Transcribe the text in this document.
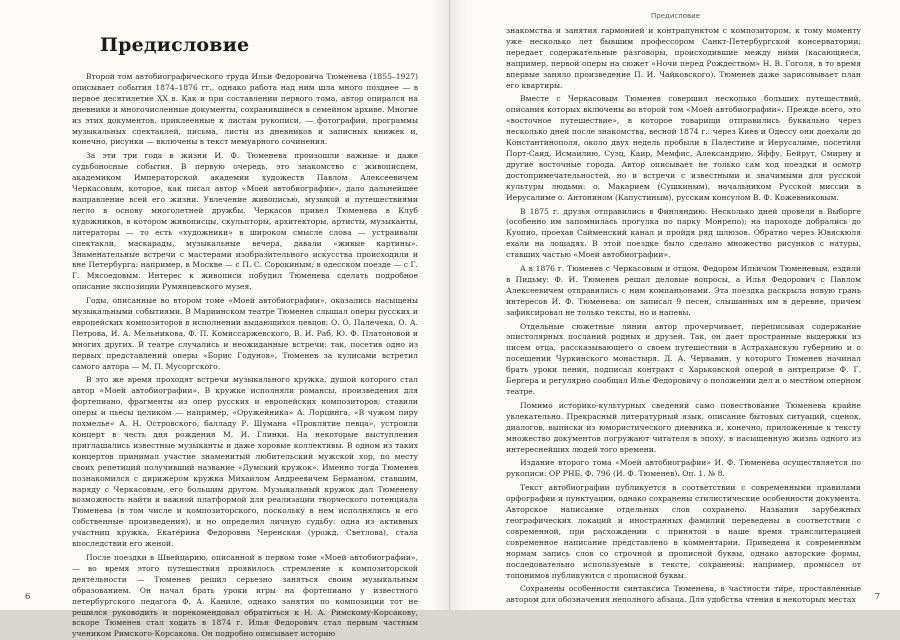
Предисловие

Второй том автобиографического труда Ильи Федоровича Тюменева (1855–1927) описывает события 1874–1876 гг., однако работа над ним шла много позднее — в первое десятилетие XX в. Как и при составлении первого тома, автор опирался на дневники и многочисленные документы, сохранившиеся в семейном архиве. Многие из этих документов, приклеенные к листам рукописи, — фотографии, программы музыкальных спектаклей, письма, листы из дневников и записных книжек и, конечно, рисунки — включены в текст мемуарного сочинения.

За эти три года в жизни И. Ф. Тюменева произошли важные и даже судьбоносные события. В первую очередь, это знакомство с живописцем, академиком Императорской академии художеств Павлом Алексеевичем Черкасовым, которое, как писал автор «Моей автобиографии», дало дальнейшее направление всей его жизни. Увлечение живописью, музыкой и путешествиями легло в основу многолетней дружбы. Черкасов привел Тюменева в Клуб художников, в котором живописцы, скульпторы, архитекторы, артисты, музыканты, литераторы — то есть «художники» в широком смысле слова — устраивали спектакли, маскарады, музыкальные вечера, давали «живые картины». Знаменательные встречи с мастерами изобразительного искусства происходили и вне Петербурга: например, в Москве — с П. С. Сорокиным; в одесском поезде — с Г. Г. Мясоедовым. Интерес к живописи побудил Тюменева сделать подробное описание экспозиции Румянцевского музея.

Годы, описанные во втором томе «Моей автобиографии», оказались насыщены музыкальными событиями. В Мариинском театре Тюменев слышал оперы русских и европейских композиторов в исполнении выдающихся певцов: О. О. Палечека, О. А. Петрова, И. А. Мельникова, Ф. П. Комиссаржевского, В. И. Раб, Ю. Ф. Платоновой и многих других. В театре случались и неожиданные встречи: так, посетив одно из первых представлений оперы «Борис Годунов», Тюменев за кулисами встретил самого автора — М. П. Мусоргского.

В это же время проходят встречи музыкального кружка, душой которого стал автор «Моей автобиографии». В кружке исполняли романсы, произведения для фортепиано, фрагменты из опер русских и европейских композиторов; ставили оперы и пьесы целиком — например, «Оружейника» А. Лорцинга, «В чужом пиру похмелье» А. Н. Островского, балладу Р. Шумана «Проклятие певца», устроили концерт в честь дня рождения М. И. Глинки. На некоторые выступления приглашались известные музыканты и даже хоровые коллективы. В одном из таких концертов принимал участие знаменитый любительский мужской хор, по месту своих репетиций получивший название «Думский кружок». Именно тогда Тюменев познакомился с дирижером кружка Михаилом Андреевичем Берманом, ставшим, наряду с Черкасовым, его большим другом. Музыкальный кружок дал Тюменеву возможность найти и важной платформой для реализации творческого потенциала Тюменева (в том числе и композиторского, поскольку в нем исполнялись и его собственные произведения), и но определил личную судьбу: одна из активных участниц кружка, Екатерина Федоровна Черенская (урожд. Светлова), стала впоследствии его женой.

После поездки в Швейцарию, описанной в первом томе «Моей автобиографии», — во время этого путешествия проявилось стремление к композиторской деятельности — Тюменев решил серьезно заняться своим музыкальным образованием. Он начал брать уроки игры на фортепиано у известного петербургского педагога Ф. А. Каниле, однако занятия по композиции тот не решился руководить и порекомендовал обратиться к Н. А. Римскому-Корсакову, вскоре Тюменев стал ходить в 1874 г. Илья Федорович стал первым частным учеником Римского-Корсакова. Он подробно описывает историю

6
Предисловие

знакомства и занятия гармонией и контрапунктом с композитором, к тому моменту уже несколько лет бывшим профессором Санкт-Петербургской консерватории; передает содержательные разговоры, происходившие между ними (касающиеся, например, первой оперы на сюжет «Ночи перед Рождеством» Н. В. Гоголя, в то время впервые заняло произведение П. И. Чайковского). Тюменев даже зарисовывает план его квартиры.

Вместе с Черкасовым Тюменев совершил несколько больших путешествий, описания которых включены во второй том «Моей автобиографии». Прежде всего, это «восточное путешествие», в которое товарищи отправились буквально через несколько дней после знакомства, весной 1874 г.: через Киев и Одессу они доехали до Константинополя, около двух недель пробыли в Палестине и Иерусалиме, посетили Порт-Саид, Исмаилию, Суэц, Каир, Мемфис, Александрию, Яффу, Бейрут, Смирну и другие восточные города. Автор описывает не только сам ход поездки и осмотр достопримечательностей, но и встречи с известными и значимыми для русской культуры людьми: о. Макарием (Сушкиным), начальником Русской миссии в Иерусалиме о. Антонином (Капустиным), русским консулом В. Ф. Кожевниковым.

В 1875 г. друзья отправились в Финляндию. Несколько дней провели в Выборге (особенно им запомнилась прогулка по парку Монрепо); на пароходе добрались до Куопио, проехав Сайменский канал и пройдя ряд шлюзов. Обратно через Ювяскюля ехали на лошадях. В этой поездке было сделано множество рисунков с натуры, ставших частью «Моей автобиографии».

А в 1876 г. Тюменев с Черкасовым и отцом, Федором Ильичом Тюменевым, ездили в Пидьму: Ф. И. Тюменев решал деловые вопросы, а Илья Федорович с Павлом Алексеевичем отправились с ним компаньонами. Эта поездка раскрыла новую грань интересов И. Ф. Тюменева: он записал 9 песен, слышанных им в деревне, причем зафиксировал не только тексты, но и напевы.

Отдельные сюжетные линии автор прочерчивает, переписывая содержание эпистолярных посланий родных и друзей. Так, он дает пространные выдержки из писем отца, рассказывающего о своем путешествии в Астраханскую губернию и о посещении Чуркинского монастыря. Д. А. Червавин, у которого Тюменев начинал брать уроки пения, подписал контракт с Харьковской оперой в антрепризе Ф. Г. Бергера и регулярно сообщал Илье Федоровичу о положении дел и о местном оперном театре.

Помимо историко-культурных сведений само повествование Тюменева крайне увлекательно. Прекрасный литературный язык, описание бытовых ситуаций, сценок, диалогов, выписки из юмористического дневника и, конечно, приложенные к тексту множество документов погружают читателя в эпоху, в насыщенную жизнь одного из интереснейших людей того времени.

Издание второго тома «Моей автобиографии» И. Ф. Тюменева осуществляется по рукописи: ОР РНБ. Ф. 796 (И. Ф. Тюменев). Оп. 1. № 8.

Текст автобиографии публикуется в соответствии с современными правилами орфографии и пунктуации, однако сохранены стилистические особенности документа. Авторское написание отдельных слов сохранено. Названия зарубежных географических локаций и иностранных фамилий переведены в соответствии с современной, при расхождении с принятой в наше время транслитерацией современное написание представлено в комментарии. Приведена к современным нормам запись слов со строчной и прописной буквы, однако авторские формы, последовательно используемые в тексте, сохранены: например, промысел от топонимов публикуются с прописной буквы.

Сохранены особенности синтаксиса Тюменева, в частности тире, проставленные автором для обозначения неполного абзаца. Для удобства чтения в некоторых местах	7
